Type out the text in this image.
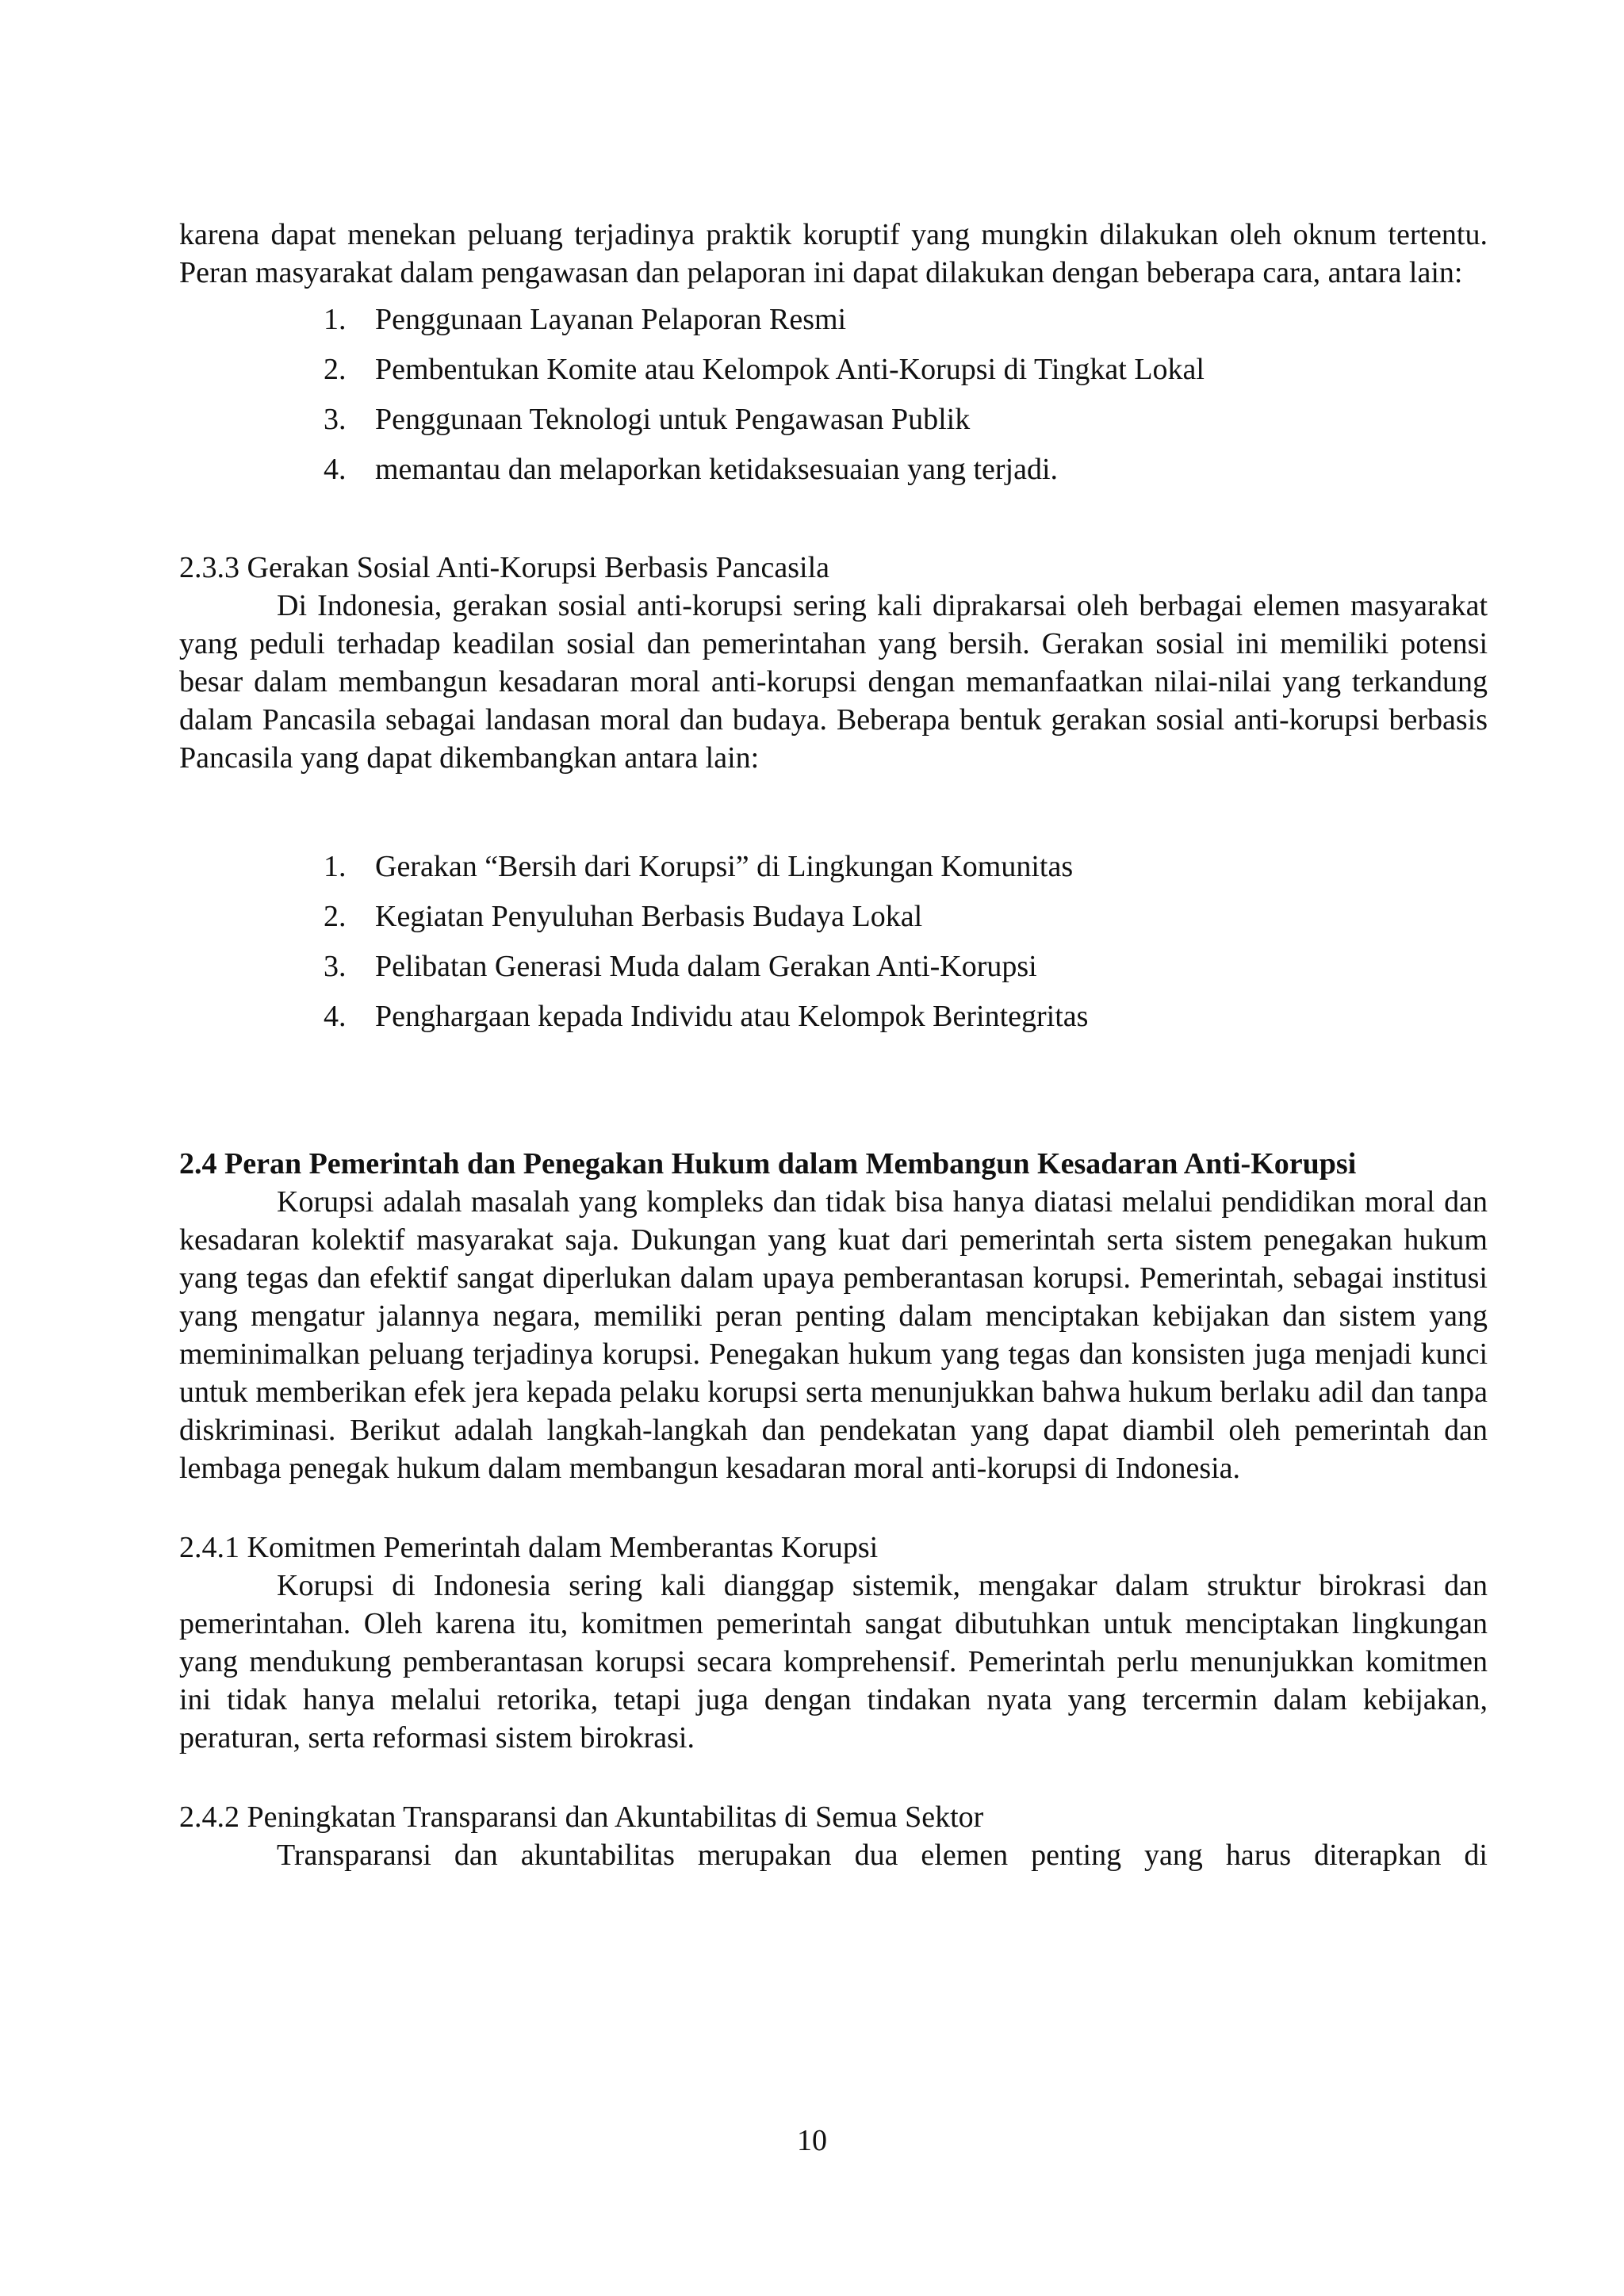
karena dapat menekan peluang terjadinya praktik koruptif yang mungkin dilakukan oleh oknum tertentu. Peran masyarakat dalam pengawasan dan pelaporan ini dapat dilakukan dengan beberapa cara, antara lain:

1. Penggunaan Layanan Pelaporan Resmi
2. Pembentukan Komite atau Kelompok Anti-Korupsi di Tingkat Lokal
3. Penggunaan Teknologi untuk Pengawasan Publik
4. memantau dan melaporkan ketidaksesuaian yang terjadi.
2.3.3 Gerakan Sosial Anti-Korupsi Berbasis Pancasila

Di Indonesia, gerakan sosial anti-korupsi sering kali diprakarsai oleh berbagai elemen masyarakat yang peduli terhadap keadilan sosial dan pemerintahan yang bersih. Gerakan sosial ini memiliki potensi besar dalam membangun kesadaran moral anti-korupsi dengan memanfaatkan nilai-nilai yang terkandung dalam Pancasila sebagai landasan moral dan budaya. Beberapa bentuk gerakan sosial anti-korupsi berbasis Pancasila yang dapat dikembangkan antara lain:

1. Gerakan “Bersih dari Korupsi” di Lingkungan Komunitas
2. Kegiatan Penyuluhan Berbasis Budaya Lokal
3. Pelibatan Generasi Muda dalam Gerakan Anti-Korupsi
4. Penghargaan kepada Individu atau Kelompok Berintegritas
2.4 Peran Pemerintah dan Penegakan Hukum dalam Membangun Kesadaran Anti-Korupsi

Korupsi adalah masalah yang kompleks dan tidak bisa hanya diatasi melalui pendidikan moral dan kesadaran kolektif masyarakat saja. Dukungan yang kuat dari pemerintah serta sistem penegakan hukum yang tegas dan efektif sangat diperlukan dalam upaya pemberantasan korupsi. Pemerintah, sebagai institusi yang mengatur jalannya negara, memiliki peran penting dalam menciptakan kebijakan dan sistem yang meminimalkan peluang terjadinya korupsi. Penegakan hukum yang tegas dan konsisten juga menjadi kunci untuk memberikan efek jera kepada pelaku korupsi serta menunjukkan bahwa hukum berlaku adil dan tanpa diskriminasi. Berikut adalah langkah-langkah dan pendekatan yang dapat diambil oleh pemerintah dan lembaga penegak hukum dalam membangun kesadaran moral anti-korupsi di Indonesia.

2.4.1 Komitmen Pemerintah dalam Memberantas Korupsi

Korupsi di Indonesia sering kali dianggap sistemik, mengakar dalam struktur birokrasi dan pemerintahan. Oleh karena itu, komitmen pemerintah sangat dibutuhkan untuk menciptakan lingkungan yang mendukung pemberantasan korupsi secara komprehensif. Pemerintah perlu menunjukkan komitmen ini tidak hanya melalui retorika, tetapi juga dengan tindakan nyata yang tercermin dalam kebijakan, peraturan, serta reformasi sistem birokrasi.

2.4.2 Peningkatan Transparansi dan Akuntabilitas di Semua Sektor

Transparansi dan akuntabilitas merupakan dua elemen penting yang harus diterapkan di

10
